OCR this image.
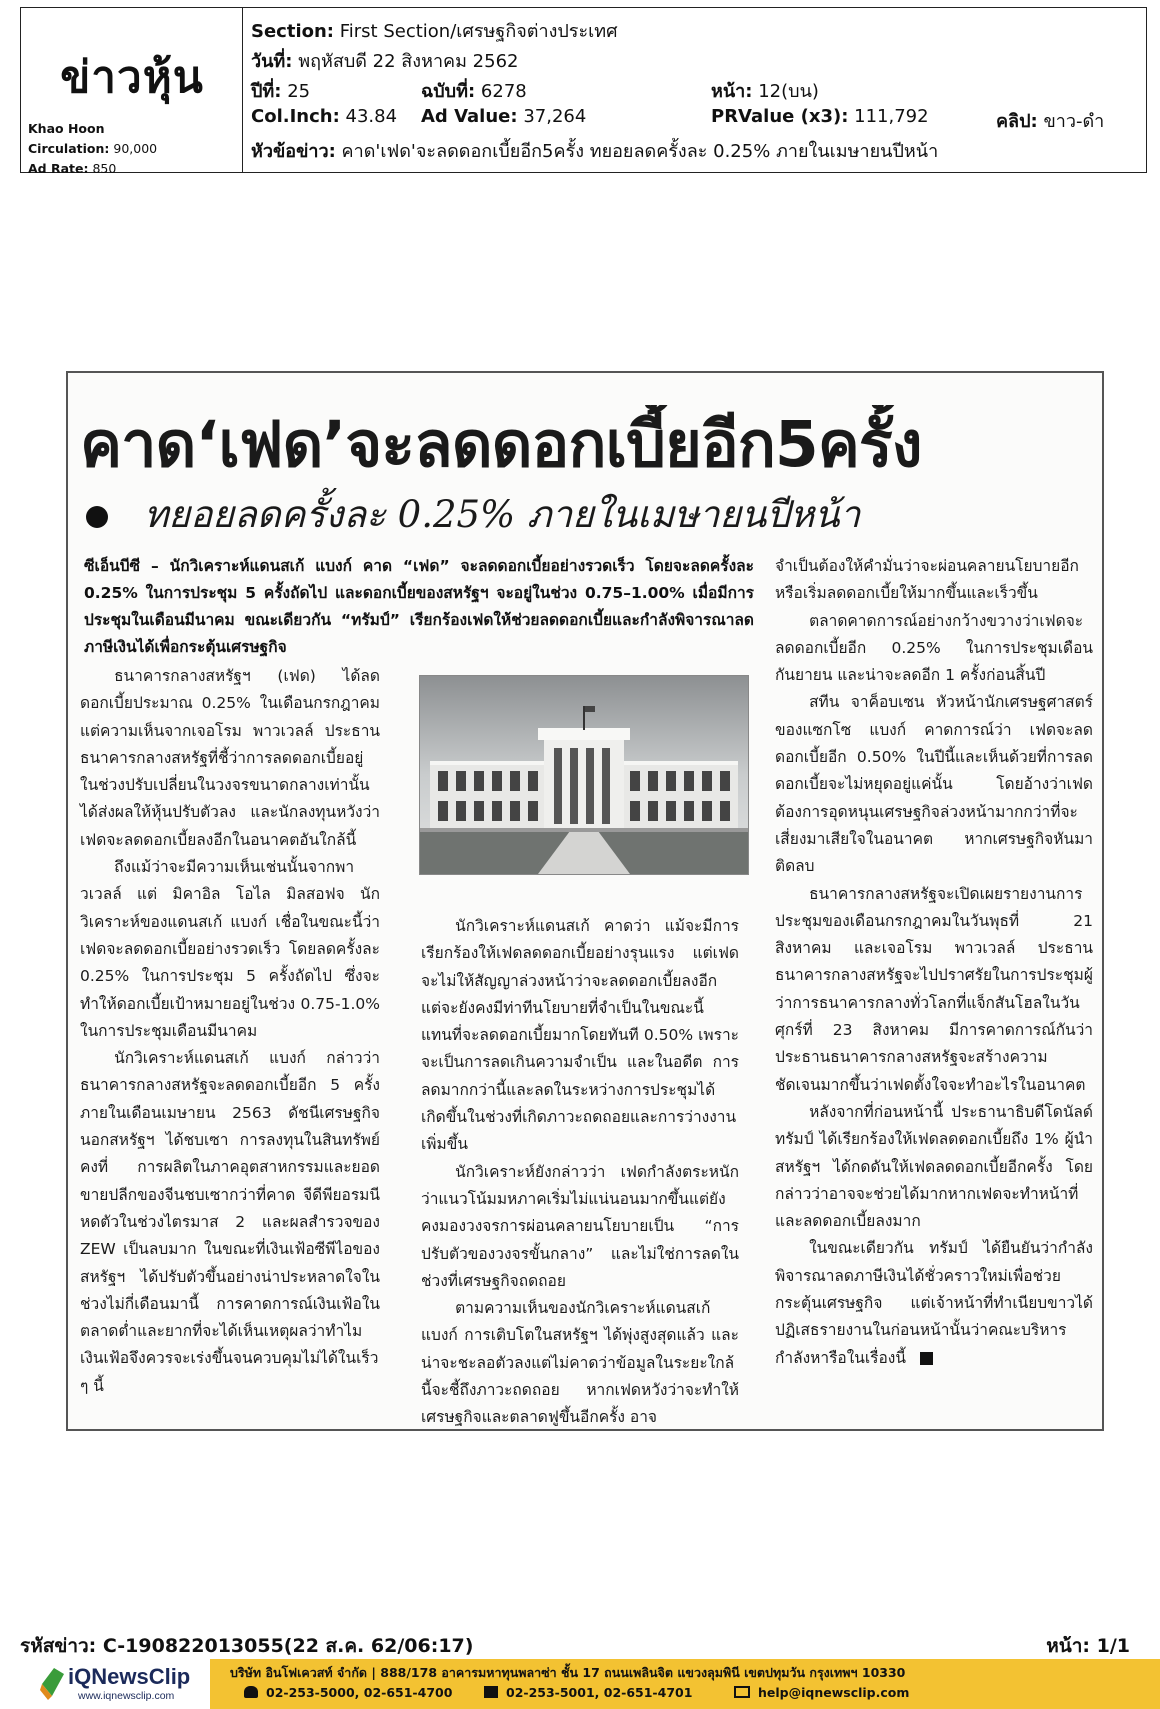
ข่าวหุ้น
Khao Hoon
Circulation: 90,000
Ad Rate: 850
Section: First Section/เศรษฐกิจต่างประเทศ
วันที่: พฤหัสบดี 22 สิงหาคม 2562
ปีที่: 25	ฉบับที่: 6278	หน้า: 12(บน)
Col.Inch: 43.84 Ad Value: 37,264	PRValue (x3): 111,792	คลิป: ขาว-ดำ
หัวข้อข่าว: คาด'เฟด'จะลดดอกเบี้ยอีก5ครั้ง ทยอยลดครั้งละ 0.25% ภายในเมษายนปีหน้า
คาด‘เฟด’จะลดดอกเบี้ยอีก5ครั้ง
ทยอยลดครั้งละ 0.25% ภายในเมษายนปีหน้า
ซีเอ็นบีซี – นักวิเคราะห์แดนสเก้ แบงก์ คาด “เฟด” จะลดดอกเบี้ยอย่างรวดเร็ว โดยจะลดครั้งละ 0.25% ในการประชุม 5 ครั้งถัดไป และดอกเบี้ยของสหรัฐฯ จะอยู่ในช่วง 0.75–1.00% เมื่อมีการประชุมในเดือนมีนาคม ขณะเดียวกัน “ทรัมป์” เรียกร้องเฟดให้ช่วยลดดอกเบี้ยและกำลังพิจารณาลดภาษีเงินได้เพื่อกระตุ้นเศรษฐกิจ

ธนาคารกลางสหรัฐฯ (เฟด) ได้ลดดอกเบี้ยประมาณ 0.25% ในเดือนกรกฎาคม แต่ความเห็นจากเจอโรม พาวเวลล์ ประธานธนาคารกลางสหรัฐที่ชี้ว่าการลดดอกเบี้ยอยู่ในช่วงปรับเปลี่ยนในวงจรขนาดกลางเท่านั้น ได้ส่งผลให้หุ้นปรับตัวลง และนักลงทุนหวังว่าเฟดจะลดดอกเบี้ยลงอีกในอนาคตอันใกล้นี้

ถึงแม้ว่าจะมีความเห็นเช่นนั้นจากพาวเวลล์ แต่ มิคาอิล โอไล มิลสอฟจ นักวิเคราะห์ของแดนสเก้ แบงก์ เชื่อในขณะนี้ว่า เฟดจะลดดอกเบี้ยอย่างรวดเร็ว โดยลดครั้งละ 0.25% ในการประชุม 5 ครั้งถัดไป ซึ่งจะทำให้ดอกเบี้ยเป้าหมายอยู่ในช่วง 0.75-1.0% ในการประชุมเดือนมีนาคม

นักวิเคราะห์แดนสเก้ แบงก์ กล่าวว่า ธนาคารกลางสหรัฐจะลดดอกเบี้ยอีก 5 ครั้งภายในเดือนเมษายน 2563 ดัชนีเศรษฐกิจนอกสหรัฐฯ ได้ชบเซา การลงทุนในสินทรัพย์คงที่ การผลิตในภาคอุตสาหกรรมและยอดขายปลีกของจีนชบเซากว่าที่คาด จีดีพียอรมนีหดตัวในช่วงไตรมาส 2 และผลสำรวจของ ZEW เป็นลบมาก ในขณะที่เงินเฟ้อซีพีไอของสหรัฐฯ ได้ปรับตัวขึ้นอย่างน่าประหลาดใจในช่วงไม่กี่เดือนมานี้ การคาดการณ์เงินเฟ้อในตลาดต่ำและยากที่จะได้เห็นเหตุผลว่าทำไมเงินเฟ้อจึงควรจะเร่งขึ้นจนควบคุมไม่ได้ในเร็ว ๆ นี้

นักวิเคราะห์แดนสเก้ คาดว่า แม้จะมีการเรียกร้องให้เฟดลดดอกเบี้ยอย่างรุนแรง แต่เฟดจะไม่ให้สัญญาล่วงหน้าว่าจะลดดอกเบี้ยลงอีก แต่จะยังคงมีท่าทีนโยบายที่จำเป็นในขณะนี้ แทนที่จะลดดอกเบี้ยมากโดยทันที 0.50% เพราะจะเป็นการลดเกินความจำเป็น และในอดีต การลดมากกว่านี้และลดในระหว่างการประชุมได้เกิดขึ้นในช่วงที่เกิดภาวะถดถอยและการว่างงานเพิ่มขึ้น

นักวิเคราะห์ยังกล่าวว่า เฟดกำลังตระหนักว่าแนวโน้มมหภาคเริ่มไม่แน่นอนมากขึ้นแต่ยังคงมองวงจรการผ่อนคลายนโยบายเป็น “การปรับตัวของวงจรขั้นกลาง” และไม่ใช่การลดในช่วงที่เศรษฐกิจถดถอย

ตามความเห็นของนักวิเคราะห์แดนสเก้ แบงก์ การเติบโตในสหรัฐฯ ได้พุ่งสูงสุดแล้ว และน่าจะชะลอตัวลงแต่ไม่คาดว่าข้อมูลในระยะใกล้นี้จะชี้ถึงภาวะถดถอย หากเฟดหวังว่าจะทำให้เศรษฐกิจและตลาดฟูขึ้นอีกครั้ง อาจ

จำเป็นต้องให้คำมั่นว่าจะผ่อนคลายนโยบายอีกหรือเริ่มลดดอกเบี้ยให้มากขึ้นและเร็วขึ้น

ตลาดคาดการณ์อย่างกว้างขวางว่าเฟดจะลดดอกเบี้ยอีก 0.25% ในการประชุมเดือนกันยายน และน่าจะลดอีก 1 ครั้งก่อนสิ้นปี

สทีน จาค็อบเซน หัวหน้านักเศรษฐศาสตร์ของแซกโซ แบงก์ คาดการณ์ว่า เฟดจะลดดอกเบี้ยอีก 0.50% ในปีนี้และเห็นด้วยที่การลดดอกเบี้ยจะไม่หยุดอยู่แค่นั้น โดยอ้างว่าเฟดต้องการอุดหนุนเศรษฐกิจล่วงหน้ามากกว่าที่จะเสี่ยงมาเสียใจในอนาคต หากเศรษฐกิจหันมาติดลบ

ธนาคารกลางสหรัฐจะเปิดเผยรายงานการประชุมของเดือนกรกฎาคมในวันพุธที่ 21 สิงหาคม และเจอโรม พาวเวลล์ ประธานธนาคารกลางสหรัฐจะไปปราศรัยในการประชุมผู้ว่าการธนาคารกลางทั่วโลกที่แจ็กสันโฮลในวันศุกร์ที่ 23 สิงหาคม มีการคาดการณ์กันว่าประธานธนาคารกลางสหรัฐจะสร้างความชัดเจนมากขึ้นว่าเฟดตั้งใจจะทำอะไรในอนาคต

หลังจากที่ก่อนหน้านี้ ประธานาธิบดีโดนัลด์ ทรัมป์ ได้เรียกร้องให้เฟดลดดอกเบี้ยถึง 1% ผู้นำสหรัฐฯ ได้กดดันให้เฟดลดดอกเบี้ยอีกครั้ง โดยกล่าวว่าอาจจะช่วยได้มากหากเฟดจะทำหน้าที่และลดดอกเบี้ยลงมาก

ในขณะเดียวกัน ทรัมป์ ได้ยืนยันว่ากำลังพิจารณาลดภาษีเงินได้ชั่วคราวใหม่เพื่อช่วยกระตุ้นเศรษฐกิจ แต่เจ้าหน้าที่ทำเนียบขาวได้ปฏิเสธรายงานในก่อนหน้านั้นว่าคณะบริหารกำลังหารือในเรื่องนี้

รหัสข่าว: C-190822013055(22 ส.ค. 62/06:17)	หน้า: 1/1
iQNewsClip
www.iqnewsclip.com
บริษัท อินโฟเควสท์ จำกัด | 888/178 อาคารมหาทุนพลาซ่า ชั้น 17 ถนนเพลินจิต แขวงลุมพินี เขตปทุมวัน กรุงเทพฯ 10330
02-253-5000, 02-651-4700	02-253-5001, 02-651-4701	help@iqnewsclip.com
